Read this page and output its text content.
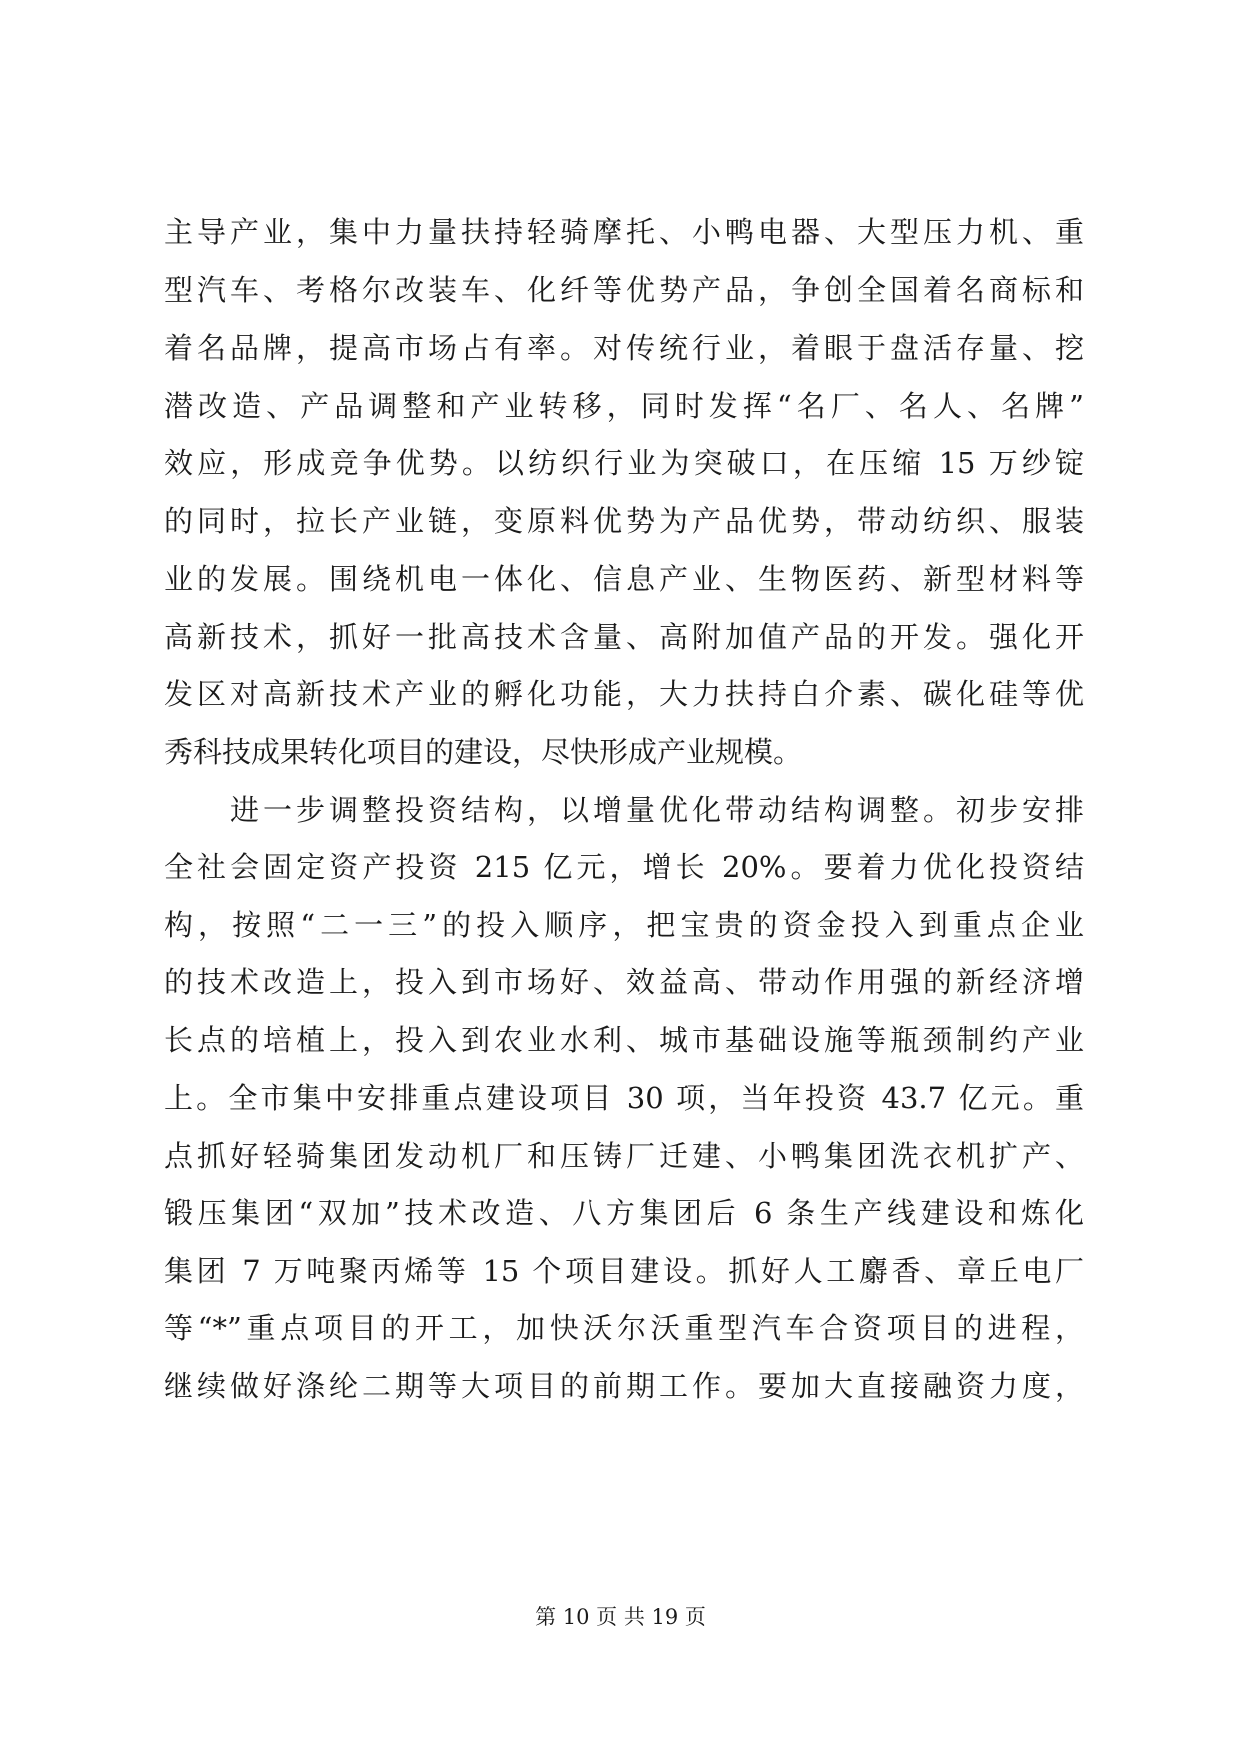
主导产业，集中力量扶持轻骑摩托、小鸭电器、大型压力机、重
型汽车、考格尔改装车、化纤等优势产品，争创全国着名商标和
着名品牌，提高市场占有率。对传统行业，着眼于盘活存量、挖
潜改造、产品调整和产业转移，同时发挥“名厂、名人、名牌”
效应，形成竞争优势。以纺织行业为突破口，在压缩 15 万纱锭
的同时，拉长产业链，变原料优势为产品优势，带动纺织、服装
业的发展。围绕机电一体化、信息产业、生物医药、新型材料等
高新技术，抓好一批高技术含量、高附加值产品的开发。强化开
发区对高新技术产业的孵化功能，大力扶持白介素、碳化硅等优
秀科技成果转化项目的建设，尽快形成产业规模。
进一步调整投资结构，以增量优化带动结构调整。初步安排
全社会固定资产投资 215 亿元，增长 20%。要着力优化投资结
构，按照“二一三”的投入顺序，把宝贵的资金投入到重点企业
的技术改造上，投入到市场好、效益高、带动作用强的新经济增
长点的培植上，投入到农业水利、城市基础设施等瓶颈制约产业
上。全市集中安排重点建设项目 30 项，当年投资 43.7 亿元。重
点抓好轻骑集团发动机厂和压铸厂迁建、小鸭集团洗衣机扩产、
锻压集团“双加”技术改造、八方集团后 6 条生产线建设和炼化
集团 7 万吨聚丙烯等 15 个项目建设。抓好人工麝香、章丘电厂
等“*”重点项目的开工，加快沃尔沃重型汽车合资项目的进程，
继续做好涤纶二期等大项目的前期工作。要加大直接融资力度，
第 10 页 共 19 页
